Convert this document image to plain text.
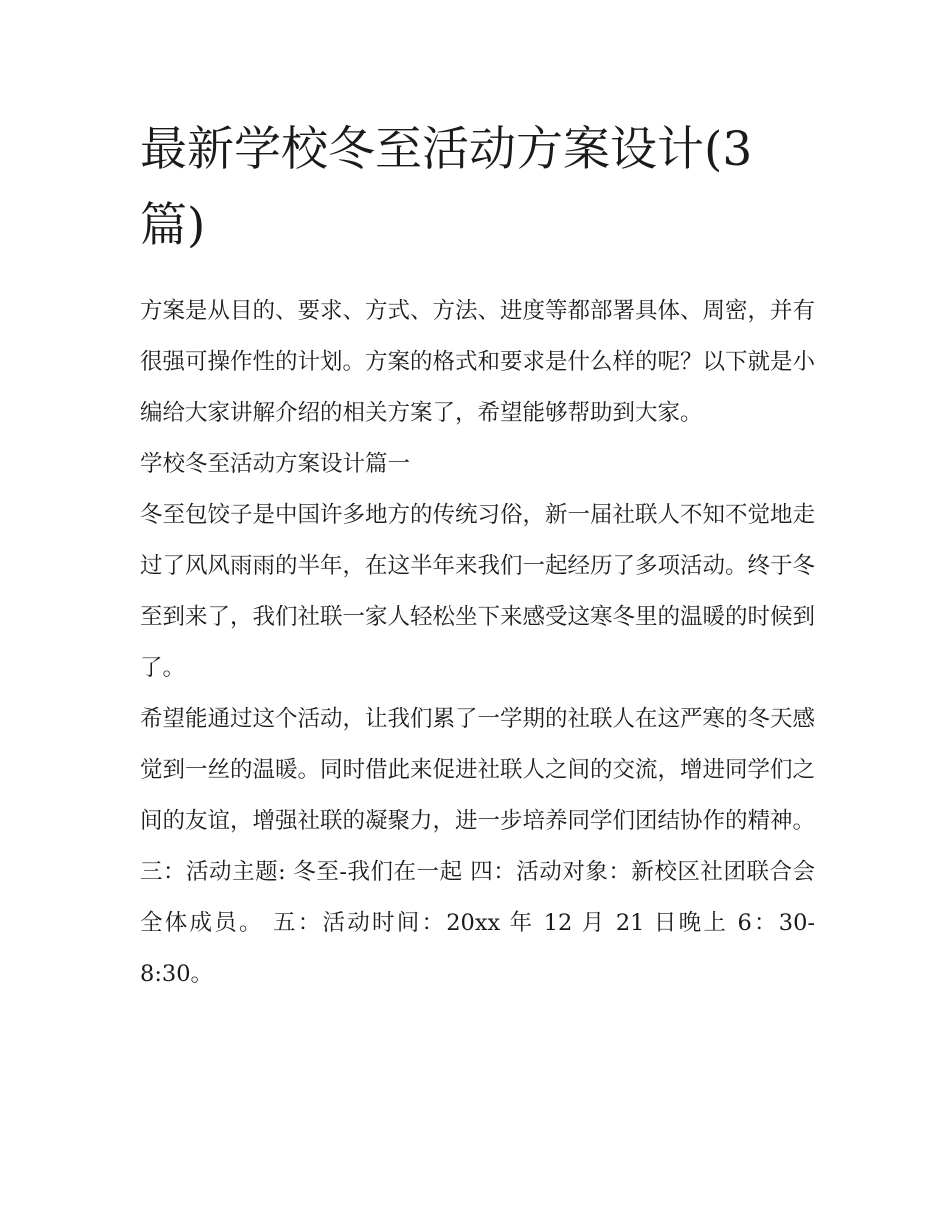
最新学校冬至活动方案设计(3篇)

方案是从目的、要求、方式、方法、进度等都部署具体、周密，并有很强可操作性的计划。方案的格式和要求是什么样的呢？以下就是小编给大家讲解介绍的相关方案了，希望能够帮助到大家。

学校冬至活动方案设计篇一

冬至包饺子是中国许多地方的传统习俗，新一届社联人不知不觉地走过了风风雨雨的半年，在这半年来我们一起经历了多项活动。终于冬至到来了，我们社联一家人轻松坐下来感受这寒冬里的温暖的时候到了。

希望能通过这个活动，让我们累了一学期的社联人在这严寒的冬天感觉到一丝的温暖。同时借此来促进社联人之间的交流，增进同学们之间的友谊，增强社联的凝聚力，进一步培养同学们团结协作的精神。

三：活动主题: 冬至-我们在一起 四：活动对象：新校区社团联合会全体成员。 五：活动时间：20xx 年 12 月 21 日晚上 6：30-8:30。
